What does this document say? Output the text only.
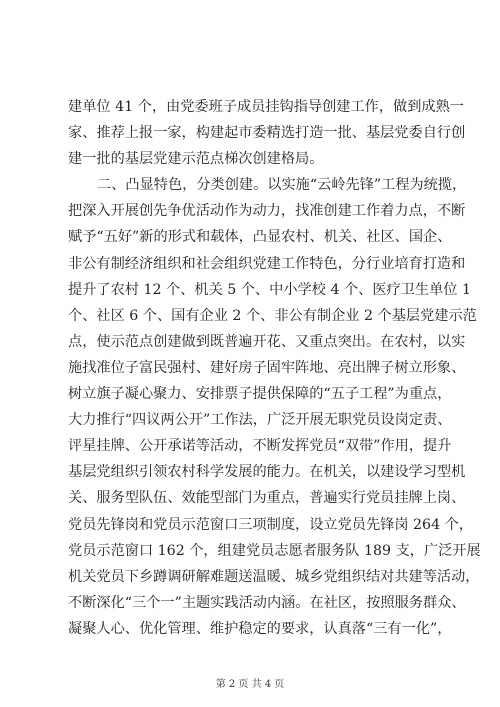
建单位 41 个，由党委班子成员挂钩指导创建工作，做到成熟一
家、推荐上报一家，构建起市委精选打造一批、基层党委自行创
建一批的基层党建示范点梯次创建格局。
二、凸显特色，分类创建。以实施“云岭先锋”工程为统揽，
把深入开展创先争优活动作为动力，找准创建工作着力点，不断
赋予“五好”新的形式和载体，凸显农村、机关、社区、国企、
非公有制经济组织和社会组织党建工作特色，分行业培育打造和
提升了农村 12 个、机关 5 个、中小学校 4 个、医疗卫生单位 1
个、社区 6 个、国有企业 2 个、非公有制企业 2 个基层党建示范
点，使示范点创建做到既普遍开花、又重点突出。在农村，以实
施找准位子富民强村、建好房子固牢阵地、亮出牌子树立形象、
树立旗子凝心聚力、安排票子提供保障的“五子工程”为重点，
大力推行“四议两公开”工作法，广泛开展无职党员设岗定责、
评星挂牌、公开承诺等活动，不断发挥党员“双带”作用，提升
基层党组织引领农村科学发展的能力。在机关，以建设学习型机
关、服务型队伍、效能型部门为重点，普遍实行党员挂牌上岗、
党员先锋岗和党员示范窗口三项制度，设立党员先锋岗 264 个，
党员示范窗口 162 个，组建党员志愿者服务队 189 支，广泛开展
机关党员下乡蹲调研解难题送温暖、城乡党组织结对共建等活动，
不断深化“三个一”主题实践活动内涵。在社区，按照服务群众、
凝聚人心、优化管理、维护稳定的要求，认真落“三有一化”，
第 2 页 共 4 页
